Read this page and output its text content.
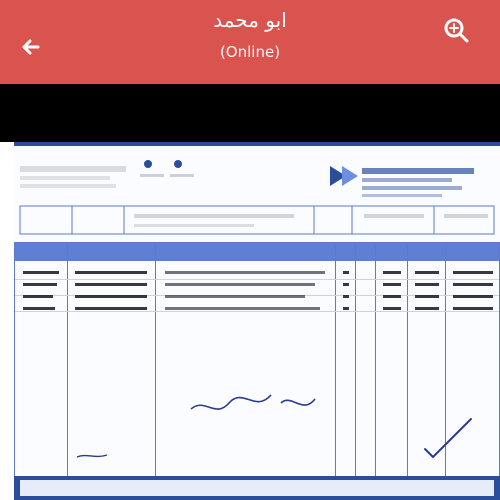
ابو محمد
(Online)
